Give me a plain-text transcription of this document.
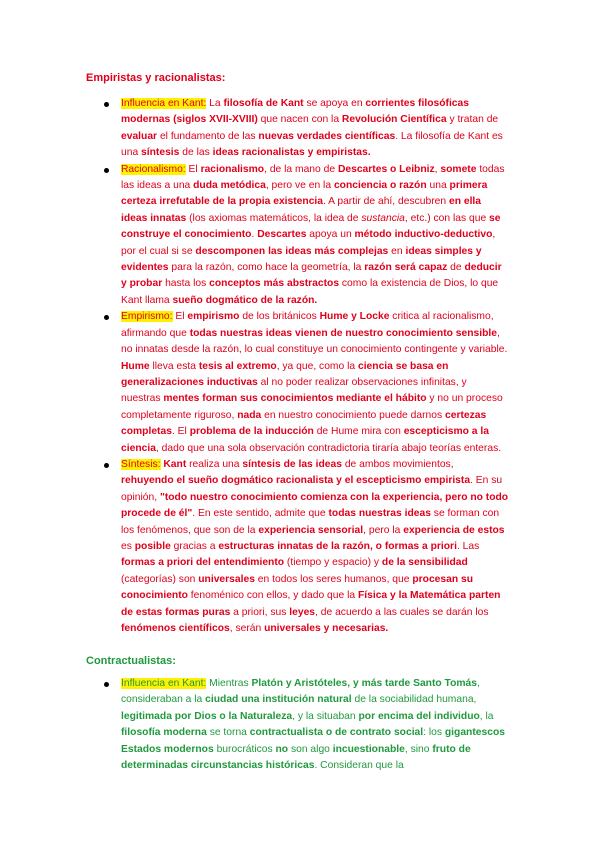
Empiristas y racionalistas:
Influencia en Kant: La filosofía de Kant se apoya en corrientes filosóficas modernas (siglos XVII-XVIII) que nacen con la Revolución Científica y tratan de evaluar el fundamento de las nuevas verdades científicas. La filosofía de Kant es una síntesis de las ideas racionalistas y empiristas.
Racionalismo: El racionalismo, de la mano de Descartes o Leibniz, somete todas las ideas a una duda metódica, pero ve en la conciencia o razón una primera certeza irrefutable de la propia existencia. A partir de ahí, descubren en ella ideas innatas (los axiomas matemáticos, la idea de sustancia, etc.) con las que se construye el conocimiento. Descartes apoya un método inductivo-deductivo, por el cual si se descomponen las ideas más complejas en ideas simples y evidentes para la razón, como hace la geometría, la razón será capaz de deducir y probar hasta los conceptos más abstractos como la existencia de Dios, lo que Kant llama sueño dogmático de la razón.
Empirismo: El empirismo de los británicos Hume y Locke critica al racionalismo, afirmando que todas nuestras ideas vienen de nuestro conocimiento sensible, no innatas desde la razón, lo cual constituye un conocimiento contingente y variable. Hume lleva esta tesis al extremo, ya que, como la ciencia se basa en generalizaciones inductivas al no poder realizar observaciones infinitas, y nuestras mentes forman sus conocimientos mediante el hábito y no un proceso completamente riguroso, nada en nuestro conocimiento puede darnos certezas completas. El problema de la inducción de Hume mira con escepticismo a la ciencia, dado que una sola observación contradictoria tiraría abajo teorías enteras.
Síntesis: Kant realiza una síntesis de las ideas de ambos movimientos, rehuyendo el sueño dogmático racionalista y el escepticismo empirista. En su opinión, "todo nuestro conocimiento comienza con la experiencia, pero no todo procede de él". En este sentido, admite que todas nuestras ideas se forman con los fenómenos, que son de la experiencia sensorial, pero la experiencia de estos es posible gracias a estructuras innatas de la razón, o formas a priori. Las formas a priori del entendimiento (tiempo y espacio) y de la sensibilidad (categorías) son universales en todos los seres humanos, que procesan su conocimiento fenoménico con ellos, y dado que la Física y la Matemática parten de estas formas puras a priori, sus leyes, de acuerdo a las cuales se darán los fenómenos científicos, serán universales y necesarias.
Contractualistas:
Influencia en Kant: Mientras Platón y Aristóteles, y más tarde Santo Tomás, consideraban a la ciudad una institución natural de la sociabilidad humana, legitimada por Dios o la Naturaleza, y la situaban por encima del individuo, la filosofía moderna se torna contractualista o de contrato social: los gigantescos Estados modernos burocráticos no son algo incuestionable, sino fruto de determinadas circunstancias históricas. Consideran que la
